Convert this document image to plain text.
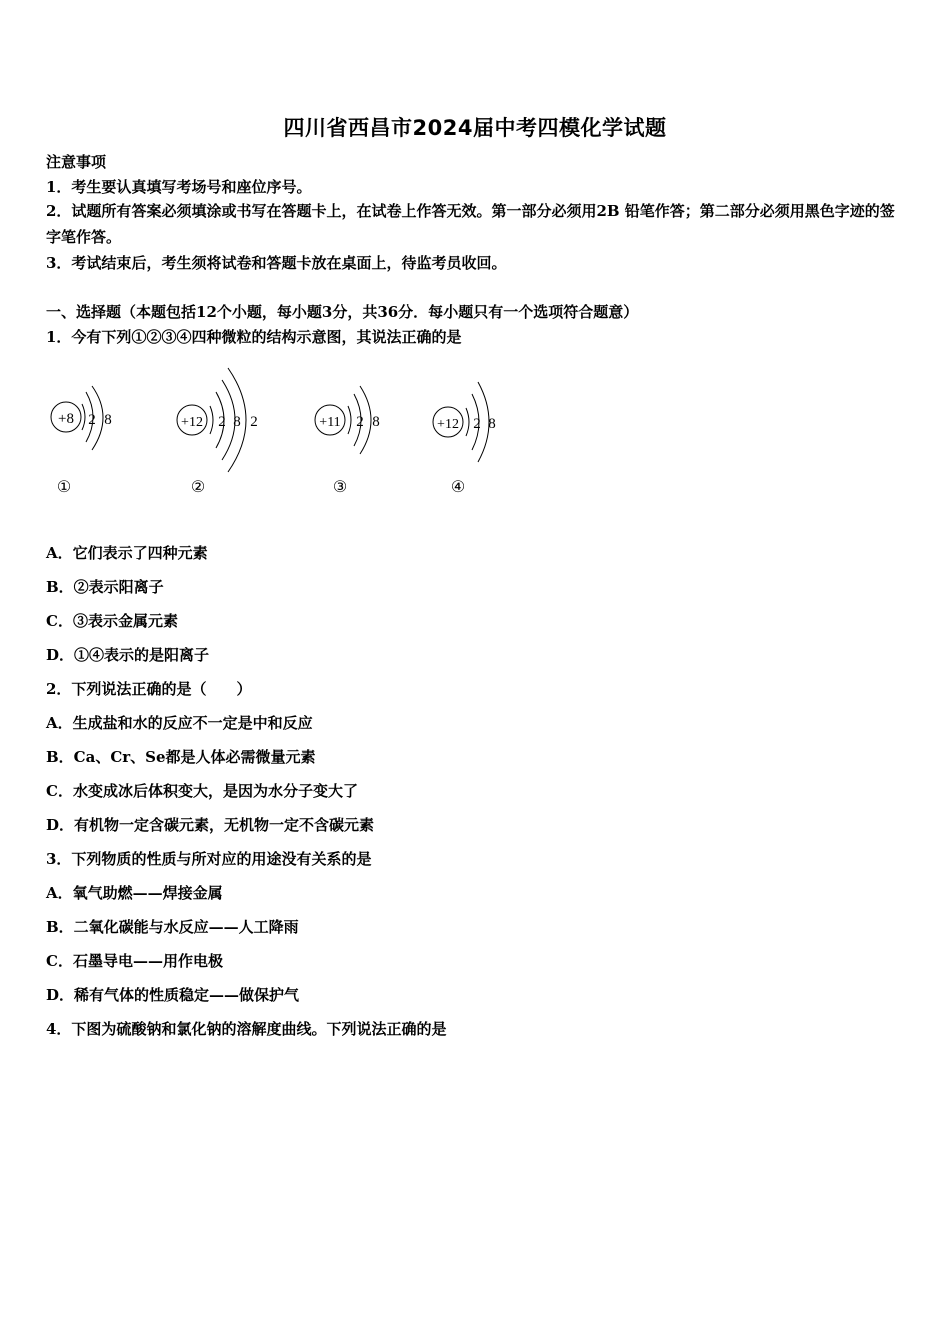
四川省西昌市2024届中考四模化学试题
注意事项
1．考生要认真填写考场号和座位序号。
2．试题所有答案必须填涂或书写在答题卡上，在试卷上作答无效。第一部分必须用2B 铅笔作答；第二部分必须用黑色字迹的签字笔作答。
3．考试结束后，考生须将试卷和答题卡放在桌面上，待监考员收回。
一、选择题（本题包括12个小题，每小题3分，共36分．每小题只有一个选项符合题意）
1．今有下列①②③④四种微粒的结构示意图，其说法正确的是
+8 2 8
①
+12 2 8 2
②
+11 2 8
③
+12 2 8
④
A．它们表示了四种元素
B．②表示阳离子
C．③表示金属元素
D．①④表示的是阳离子
2．下列说法正确的是（　　）
A．生成盐和水的反应不一定是中和反应
B．Ca、Cr、Se都是人体必需微量元素
C．水变成冰后体积变大，是因为水分子变大了
D．有机物一定含碳元素，无机物一定不含碳元素
3．下列物质的性质与所对应的用途没有关系的是
A．氧气助燃——焊接金属
B．二氧化碳能与水反应——人工降雨
C．石墨导电——用作电极
D．稀有气体的性质稳定——做保护气
4．下图为硫酸钠和氯化钠的溶解度曲线。下列说法正确的是
